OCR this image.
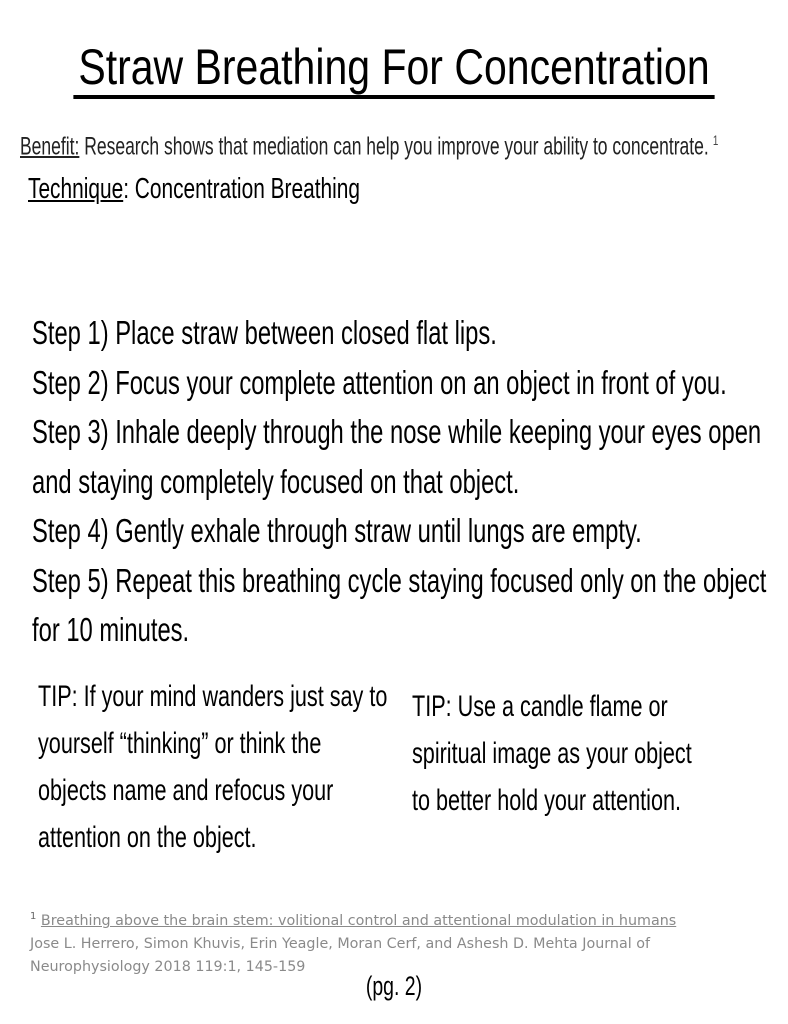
Straw Breathing For Concentration
Benefit: Research shows that mediation can help you improve your ability to concentrate. $^1$
Technique: Concentration Breathing
Step 1) Place straw between closed flat lips.
Step 2) Focus your complete attention on an object in front of you.
Step 3) Inhale deeply through the nose while keeping your eyes open
and staying completely focused on that object.
Step 4) Gently exhale through straw until lungs are empty.
Step 5) Repeat this breathing cycle staying focused only on the object
for 10 minutes.
TIP: If your mind wanders just say to
yourself “thinking” or think the
objects name and refocus your
attention on the object.
TIP: Use a candle flame or
spiritual image as your object
to better hold your attention.
$^1$ Breathing above the brain stem: volitional control and attentional modulation in humans
Jose L. Herrero, Simon Khuvis, Erin Yeagle, Moran Cerf, and Ashesh D. Mehta Journal of Neurophysiology 2018 119:1, 145-159
(pg. 2)
